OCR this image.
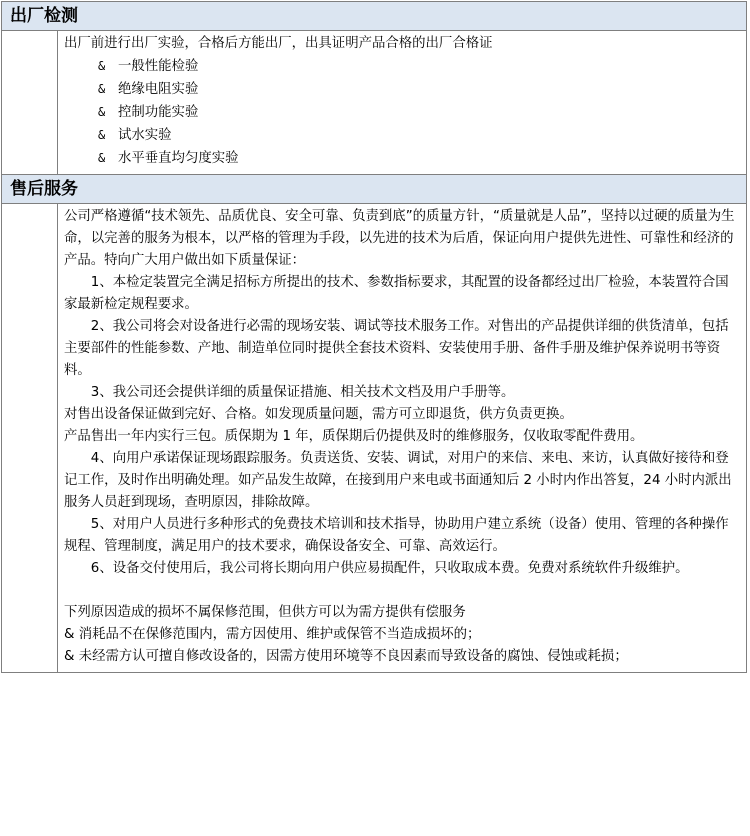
出厂检测

出厂前进行出厂实验，合格后方能出厂，出具证明产品合格的出厂合格证

& 一般性能检验
& 绝缘电阻实验
& 控制功能实验
& 试水实验
& 水平垂直均匀度实验
售后服务

公司严格遵循“技术领先、品质优良、安全可靠、负责到底”的质量方针，“质量就是人品”，坚持以过硬的质量为生命，以完善的服务为根本，以严格的管理为手段，以先进的技术为后盾，保证向用户提供先进性、可靠性和经济的产品。特向广大用户做出如下质量保证：

1、本检定装置完全满足招标方所提出的技术、参数指标要求，其配置的设备都经过出厂检验，本装置符合国家最新检定规程要求。

2、我公司将会对设备进行必需的现场安装、调试等技术服务工作。对售出的产品提供详细的供货清单，包括主要部件的性能参数、产地、制造单位同时提供全套技术资料、安装使用手册、备件手册及维护保养说明书等资料。

3、我公司还会提供详细的质量保证措施、相关技术文档及用户手册等。

对售出设备保证做到完好、合格。如发现质量问题，需方可立即退货，供方负责更换。

产品售出一年内实行三包。质保期为 1 年，质保期后仍提供及时的维修服务，仅收取零配件费用。

4、向用户承诺保证现场跟踪服务。负责送货、安装、调试，对用户的来信、来电、来访，认真做好接待和登记工作，及时作出明确处理。如产品发生故障，在接到用户来电或书面通知后 2 小时内作出答复，24 小时内派出服务人员赶到现场，查明原因，排除故障。

5、对用户人员进行多种形式的免费技术培训和技术指导，协助用户建立系统（设备）使用、管理的各种操作规程、管理制度，满足用户的技术要求，确保设备安全、可靠、高效运行。

6、设备交付使用后，我公司将长期向用户供应易损配件，只收取成本费。免费对系统软件升级维护。

下列原因造成的损坏不属保修范围，但供方可以为需方提供有偿服务

& 消耗品不在保修范围内，需方因使用、维护或保管不当造成损坏的；

& 未经需方认可擅自修改设备的，因需方使用环境等不良因素而导致设备的腐蚀、侵蚀或耗损；
